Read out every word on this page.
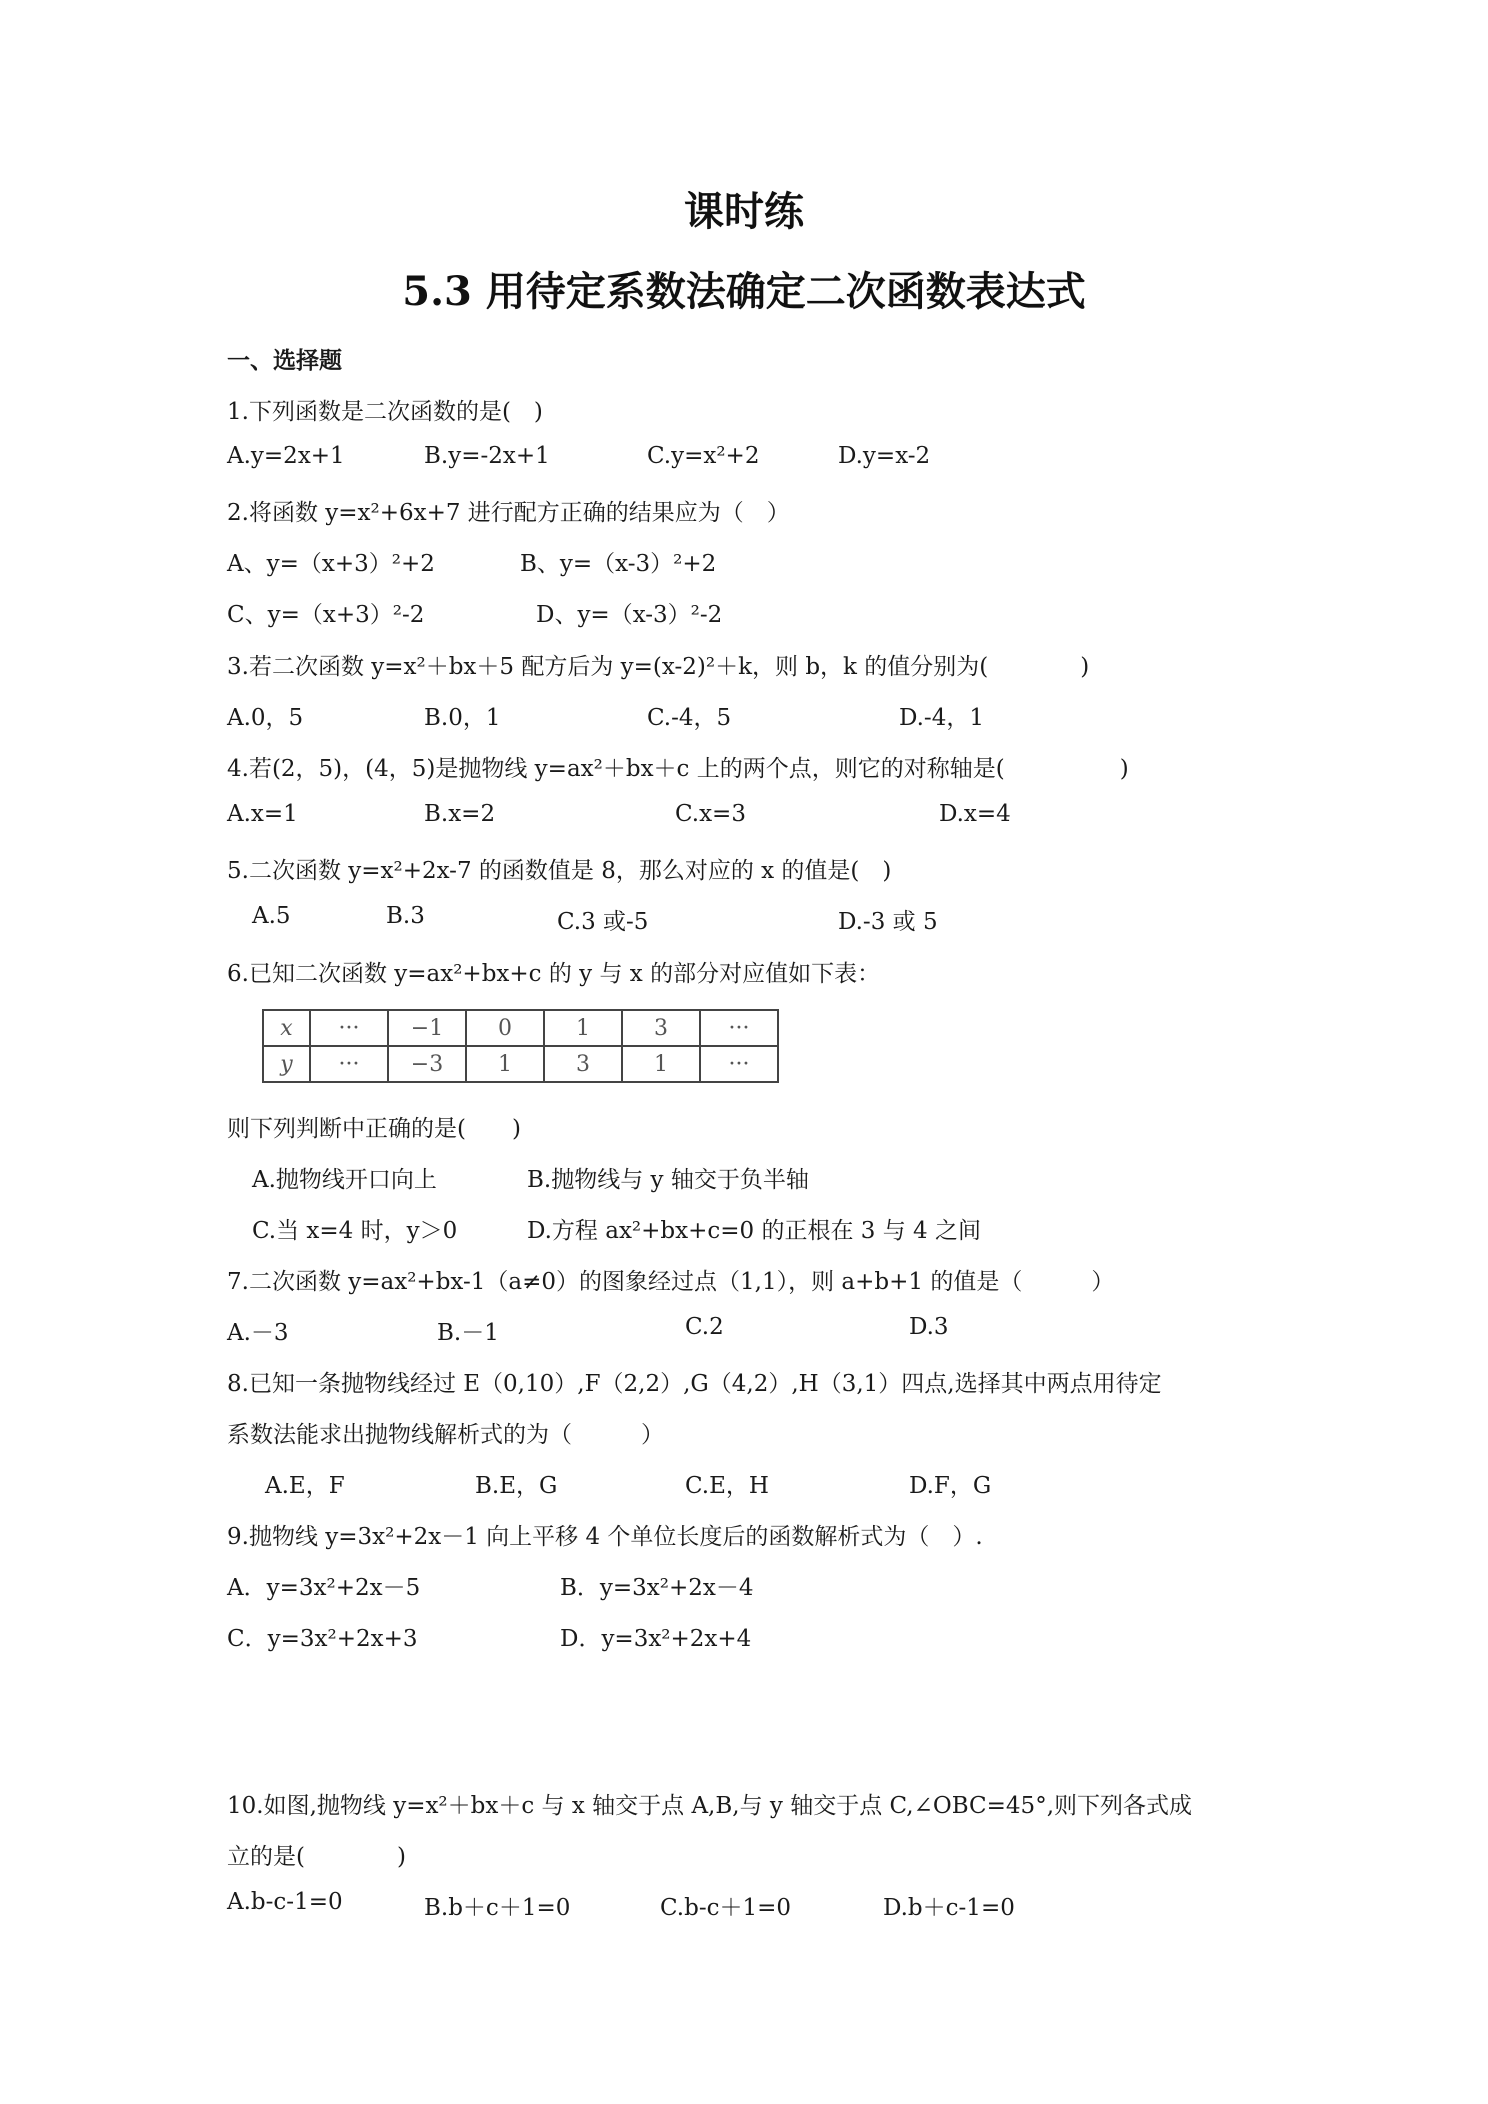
课时练
5.3 用待定系数法确定二次函数表达式
一、选择题
1.下列函数是二次函数的是(　)
A.y=2x+1	B.y=-2x+1	C.y=x²+2	D.y=x-2
2.将函数 y=x²+6x+7 进行配方正确的结果应为（　）
A、y=（x+3）²+2	B、y=（x-3）²+2
C、y=（x+3）²-2	D、y=（x-3）²-2
3.若二次函数 y=x²＋bx＋5 配方后为 y=(x-2)²＋k，则 b，k 的值分别为(　　　　)
A.0，5	B.0，1	C.-4，5	D.-4，1
4.若(2，5)，(4，5)是抛物线 y=ax²＋bx＋c 上的两个点，则它的对称轴是(　　　　　)
A.x=1	B.x=2	C.x=3	D.x=4
5.二次函数 y=x²+2x-7 的函数值是 8，那么对应的 x 的值是(　)
A.5	B.3	C.3 或-5	D.-3 或 5
6.已知二次函数 y=ax²+bx+c 的 y 与 x 的部分对应值如下表：
x	···	−1	0	1	3	···
y	···	−3	1	3	1	···
则下列判断中正确的是(　　)
A.抛物线开口向上	B.抛物线与 y 轴交于负半轴
C.当 x=4 时，y＞0	D.方程 ax²+bx+c=0 的正根在 3 与 4 之间
7.二次函数 y=ax²+bx-1（a≠0）的图象经过点（1,1），则 a+b+1 的值是（　　　）
A.－3	B.－1	C.2	D.3
8.已知一条抛物线经过 E（0,10）,F（2,2）,G（4,2）,H（3,1）四点,选择其中两点用待定
系数法能求出抛物线解析式的为（　　　）
A.E，F	B.E，G	C.E，H	D.F，G
9.抛物线 y=3x²+2x－1 向上平移 4 个单位长度后的函数解析式为（　）.
A．y=3x²+2x－5	B．y=3x²+2x－4
C．y=3x²+2x+3	D．y=3x²+2x+4
10.如图,抛物线 y=x²＋bx＋c 与 x 轴交于点 A,B,与 y 轴交于点 C,∠OBC=45°,则下列各式成
立的是(　　　　)
A.b-c-1=0	B.b＋c＋1=0	C.b-c＋1=0	D.b＋c-1=0
